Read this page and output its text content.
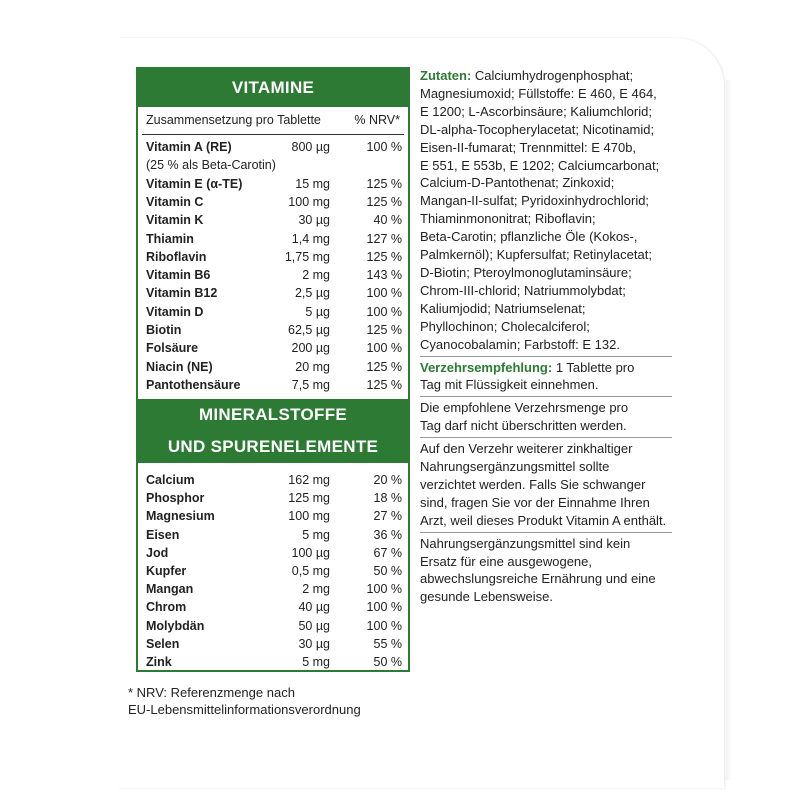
VITAMINE
Zusammensetzung pro Tablette	% NRV*
Vitamin A (RE)	800 µg	100 %
(25 % als Beta-Carotin)
Vitamin E (α-TE)	15 mg	125 %
Vitamin C	100 mg	125 %
Vitamin K	30 µg	40 %
Thiamin	1,4 mg	127 %
Riboflavin	1,75 mg	125 %
Vitamin B6	2 mg	143 %
Vitamin B12	2,5 µg	100 %
Vitamin D	5 µg	100 %
Biotin	62,5 µg	125 %
Folsäure	200 µg	100 %
Niacin (NE)	20 mg	125 %
Pantothensäure	7,5 mg	125 %
MINERALSTOFFE
UND SPURENELEMENTE
Calcium	162 mg	20 %
Phosphor	125 mg	18 %
Magnesium	100 mg	27 %
Eisen	5 mg	36 %
Jod	100 µg	67 %
Kupfer	0,5 mg	50 %
Mangan	2 mg	100 %
Chrom	40 µg	100 %
Molybdän	50 µg	100 %
Selen	30 µg	55 %
Zink	5 mg	50 %
* NRV: Referenzmenge nach
EU-Lebensmittelinformationsverordnung
Zutaten: Calciumhydrogenphosphat;
Magnesiumoxid; Füllstoffe: E 460, E 464,
E 1200; L-Ascorbinsäure; Kaliumchlorid;
DL-alpha-Tocopherylacetat; Nicotinamid;
Eisen-II-fumarat; Trennmittel: E 470b,
E 551, E 553b, E 1202; Calciumcarbonat;
Calcium-D-Pantothenat; Zinkoxid;
Mangan-II-sulfat; Pyridoxinhydrochlorid;
Thiaminmononitrat; Riboflavin;
Beta-Carotin; pflanzliche Öle (Kokos-,
Palmkernöl); Kupfersulfat; Retinylacetat;
D-Biotin; Pteroylmonoglutaminsäure;
Chrom-III-chlorid; Natriummolybdat;
Kaliumjodid; Natriumselenat;
Phyllochinon; Cholecalciferol;
Cyanocobalamin; Farbstoff: E 132.
Verzehrsempfehlung: 1 Tablette pro
Tag mit Flüssigkeit einnehmen.
Die empfohlene Verzehrsmenge pro
Tag darf nicht überschritten werden.
Auf den Verzehr weiterer zinkhaltiger
Nahrungsergänzungsmittel sollte
verzichtet werden. Falls Sie schwanger
sind, fragen Sie vor der Einnahme Ihren
Arzt, weil dieses Produkt Vitamin A enthält.
Nahrungsergänzungsmittel sind kein
Ersatz für eine ausgewogene,
abwechslungsreiche Ernährung und eine
gesunde Lebensweise.
